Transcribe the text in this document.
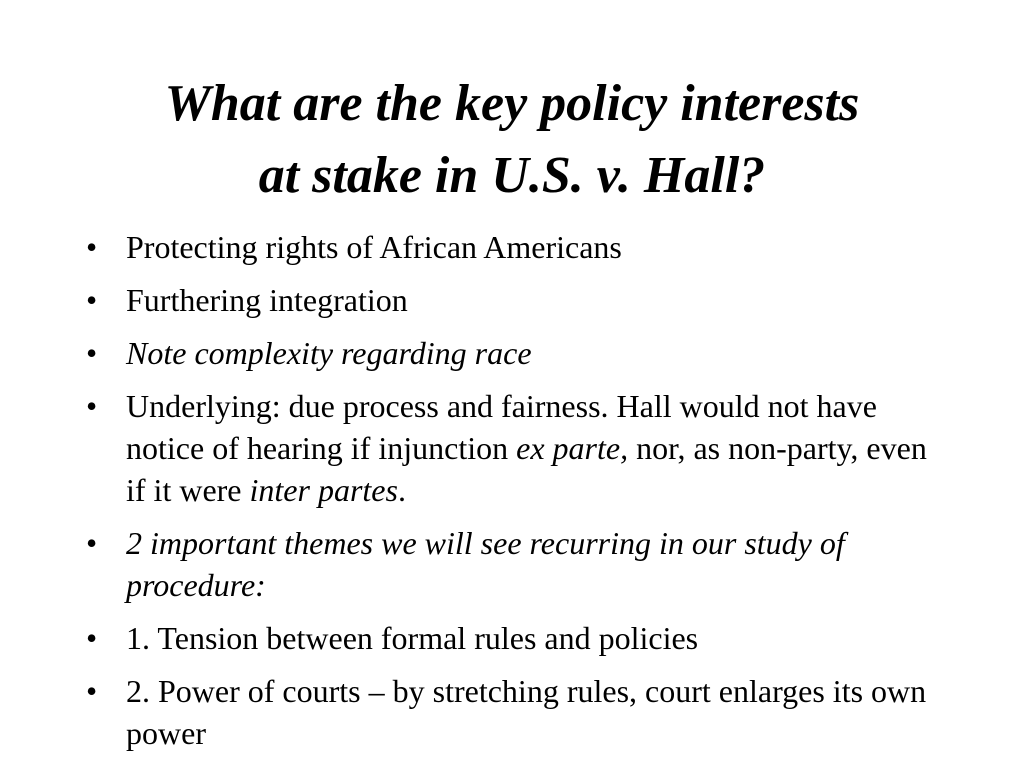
What are the key policy interests
at stake in U.S. v. Hall?
• Protecting rights of African Americans
• Furthering integration
• Note complexity regarding race
• Underlying: due process and fairness. Hall would not have notice of hearing if injunction ex parte, nor, as non-party, even if it were inter partes.
• 2 important themes we will see recurring in our study of procedure:
• 1. Tension between formal rules and policies
• 2. Power of courts – by stretching rules, court enlarges its own power
